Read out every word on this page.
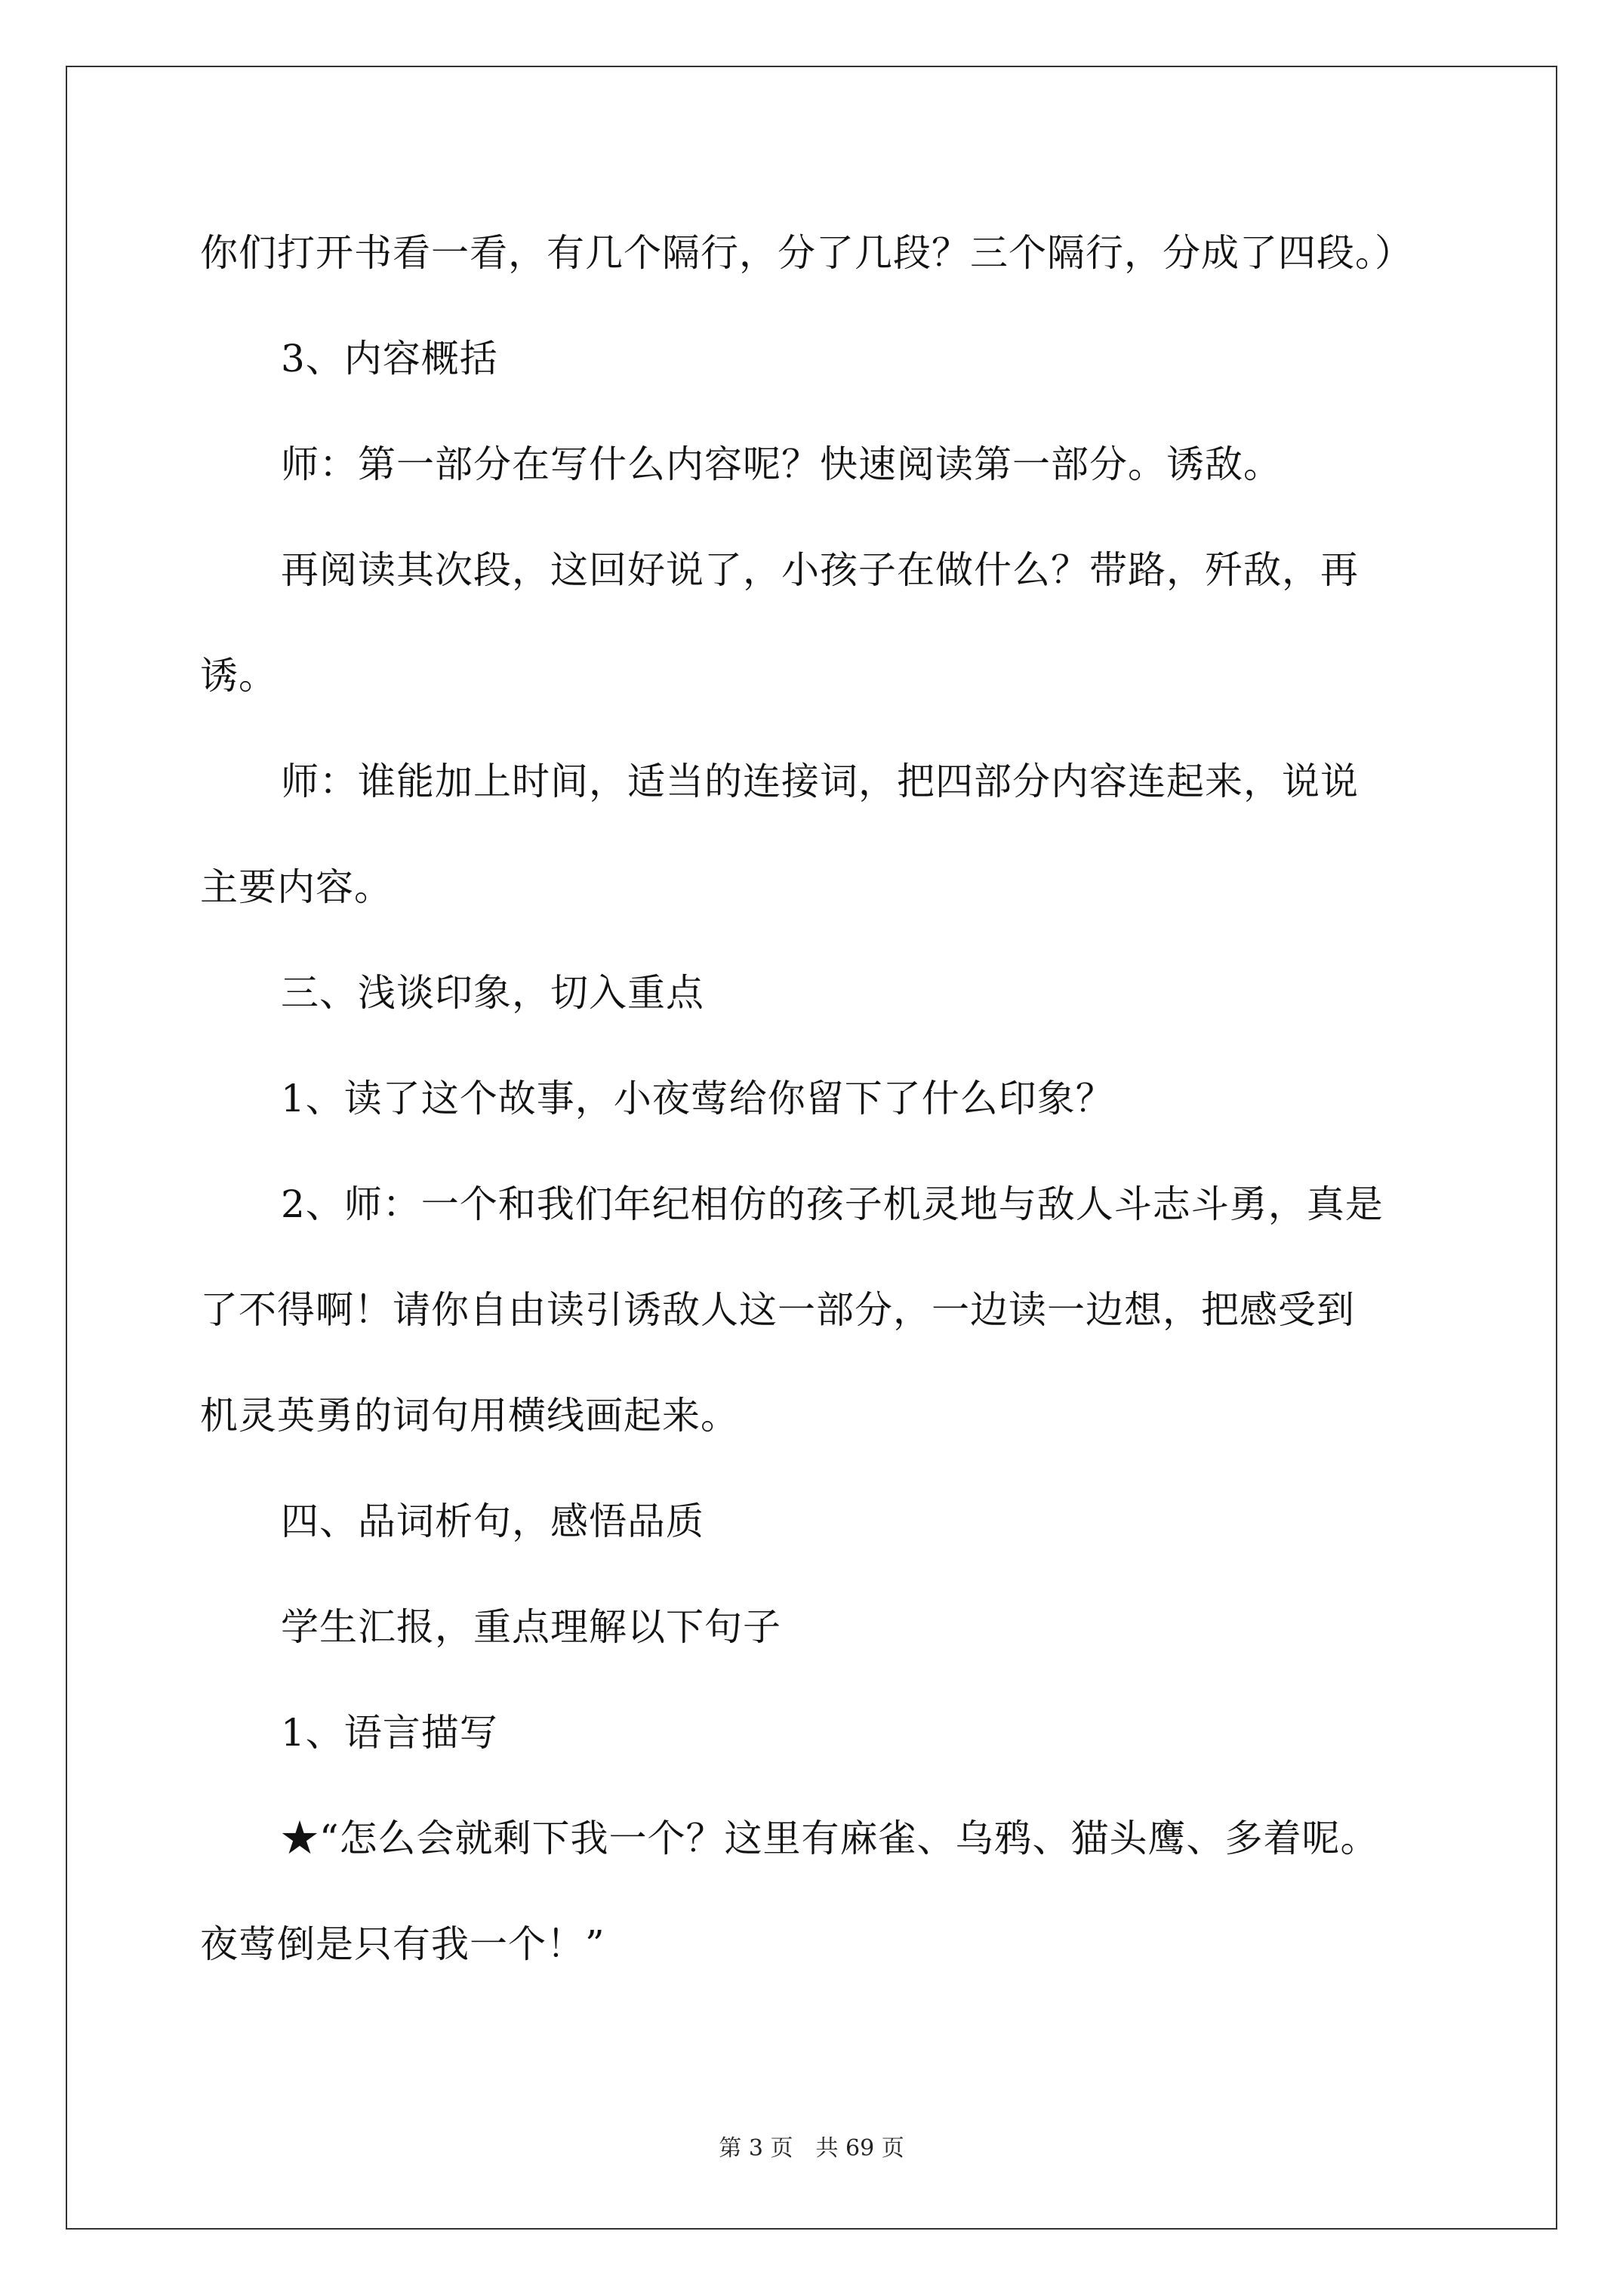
你们打开书看一看，有几个隔行，分了几段？三个隔行，分成了四段。）
3、内容概括
师：第一部分在写什么内容呢？快速阅读第一部分。诱敌。
再阅读其次段，这回好说了，小孩子在做什么？带路，歼敌，再
诱。
师：谁能加上时间，适当的连接词，把四部分内容连起来，说说
主要内容。
三、浅谈印象，切入重点
1、读了这个故事，小夜莺给你留下了什么印象？
2、师：一个和我们年纪相仿的孩子机灵地与敌人斗志斗勇，真是
了不得啊！请你自由读引诱敌人这一部分，一边读一边想，把感受到
机灵英勇的词句用横线画起来。
四、品词析句，感悟品质
学生汇报，重点理解以下句子
1、语言描写
★“怎么会就剩下我一个？这里有麻雀、乌鸦、猫头鹰、多着呢。
夜莺倒是只有我一个！”
第 3 页　共 69 页
